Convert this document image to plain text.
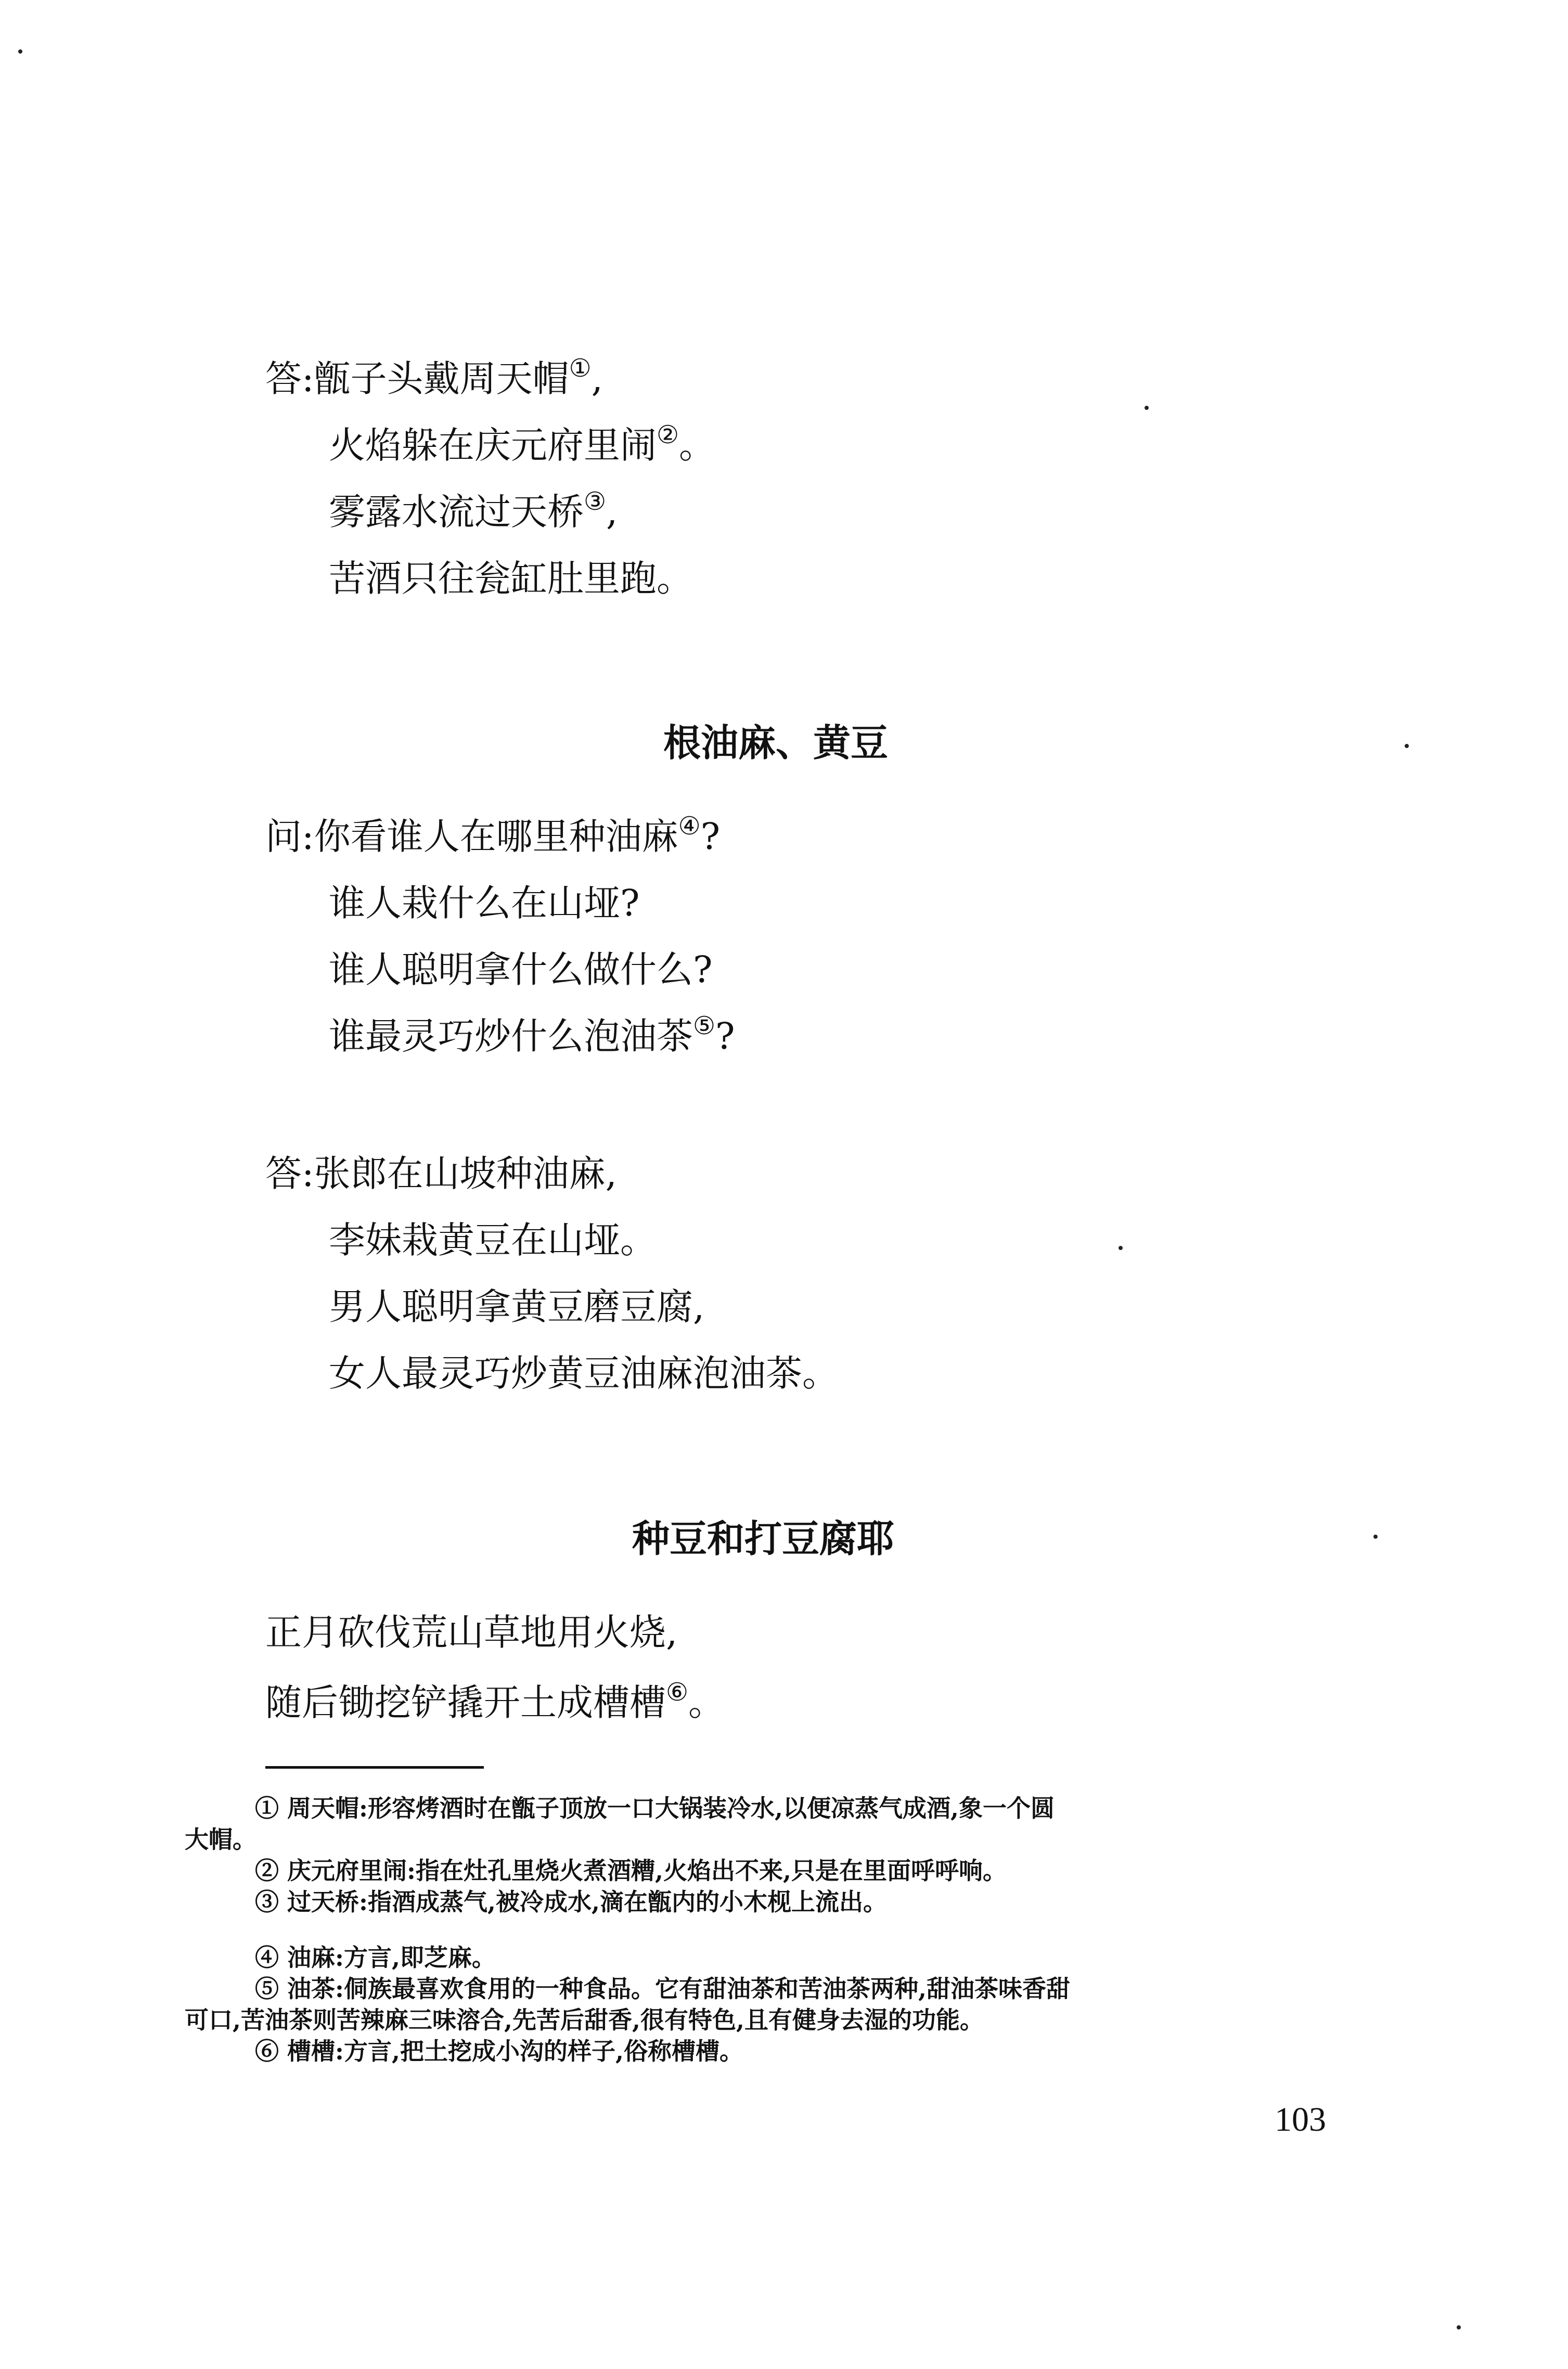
答:甑子头戴周天帽①,
火焰躲在庆元府里闹②。
雾露水流过天桥③,
苦酒只往瓮缸肚里跑。
根油麻、黄豆
问:你看谁人在哪里种油麻④?
谁人栽什么在山垭?
谁人聪明拿什么做什么?
谁最灵巧炒什么泡油茶⑤?
答:张郎在山坡种油麻,
李妹栽黄豆在山垭。
男人聪明拿黄豆磨豆腐,
女人最灵巧炒黄豆油麻泡油茶。
种豆和打豆腐耶
正月砍伐荒山草地用火烧,
随后锄挖铲撬开土成槽槽⑥。
① 周天帽:形容烤酒时在甑子顶放一口大锅装冷水,以便凉蒸气成酒,象一个圆
大帽。
② 庆元府里闹:指在灶孔里烧火煮酒糟,火焰出不来,只是在里面呼呼响。
③ 过天桥:指酒成蒸气,被冷成水,滴在甑内的小木枧上流出。
④ 油麻:方言,即芝麻。
⑤ 油茶:侗族最喜欢食用的一种食品。它有甜油茶和苦油茶两种,甜油茶味香甜
可口,苦油茶则苦辣麻三味溶合,先苦后甜香,很有特色,且有健身去湿的功能。
⑥ 槽槽:方言,把土挖成小沟的样子,俗称槽槽。
103
